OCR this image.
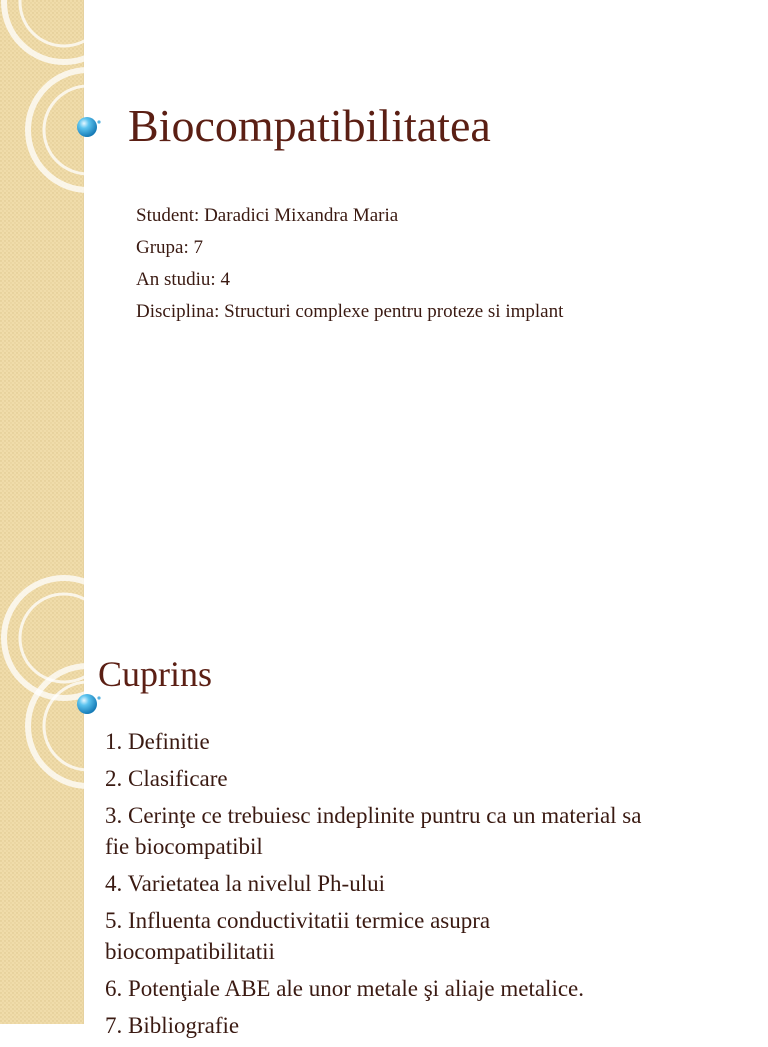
Biocompatibilitatea
Student: Daradici Mixandra Maria
Grupa: 7
An studiu: 4
Disciplina: Structuri complexe pentru proteze si implant
Cuprins
1. Definitie
2. Clasificare
3. Cerinţe ce trebuiesc indeplinite puntru ca un material sa fie biocompatibil
4. Varietatea la nivelul Ph-ului
5. Influenta conductivitatii termice asupra biocompatibilitatii
6. Potenţiale ABE ale unor metale şi aliaje metalice.
7. Bibliografie
